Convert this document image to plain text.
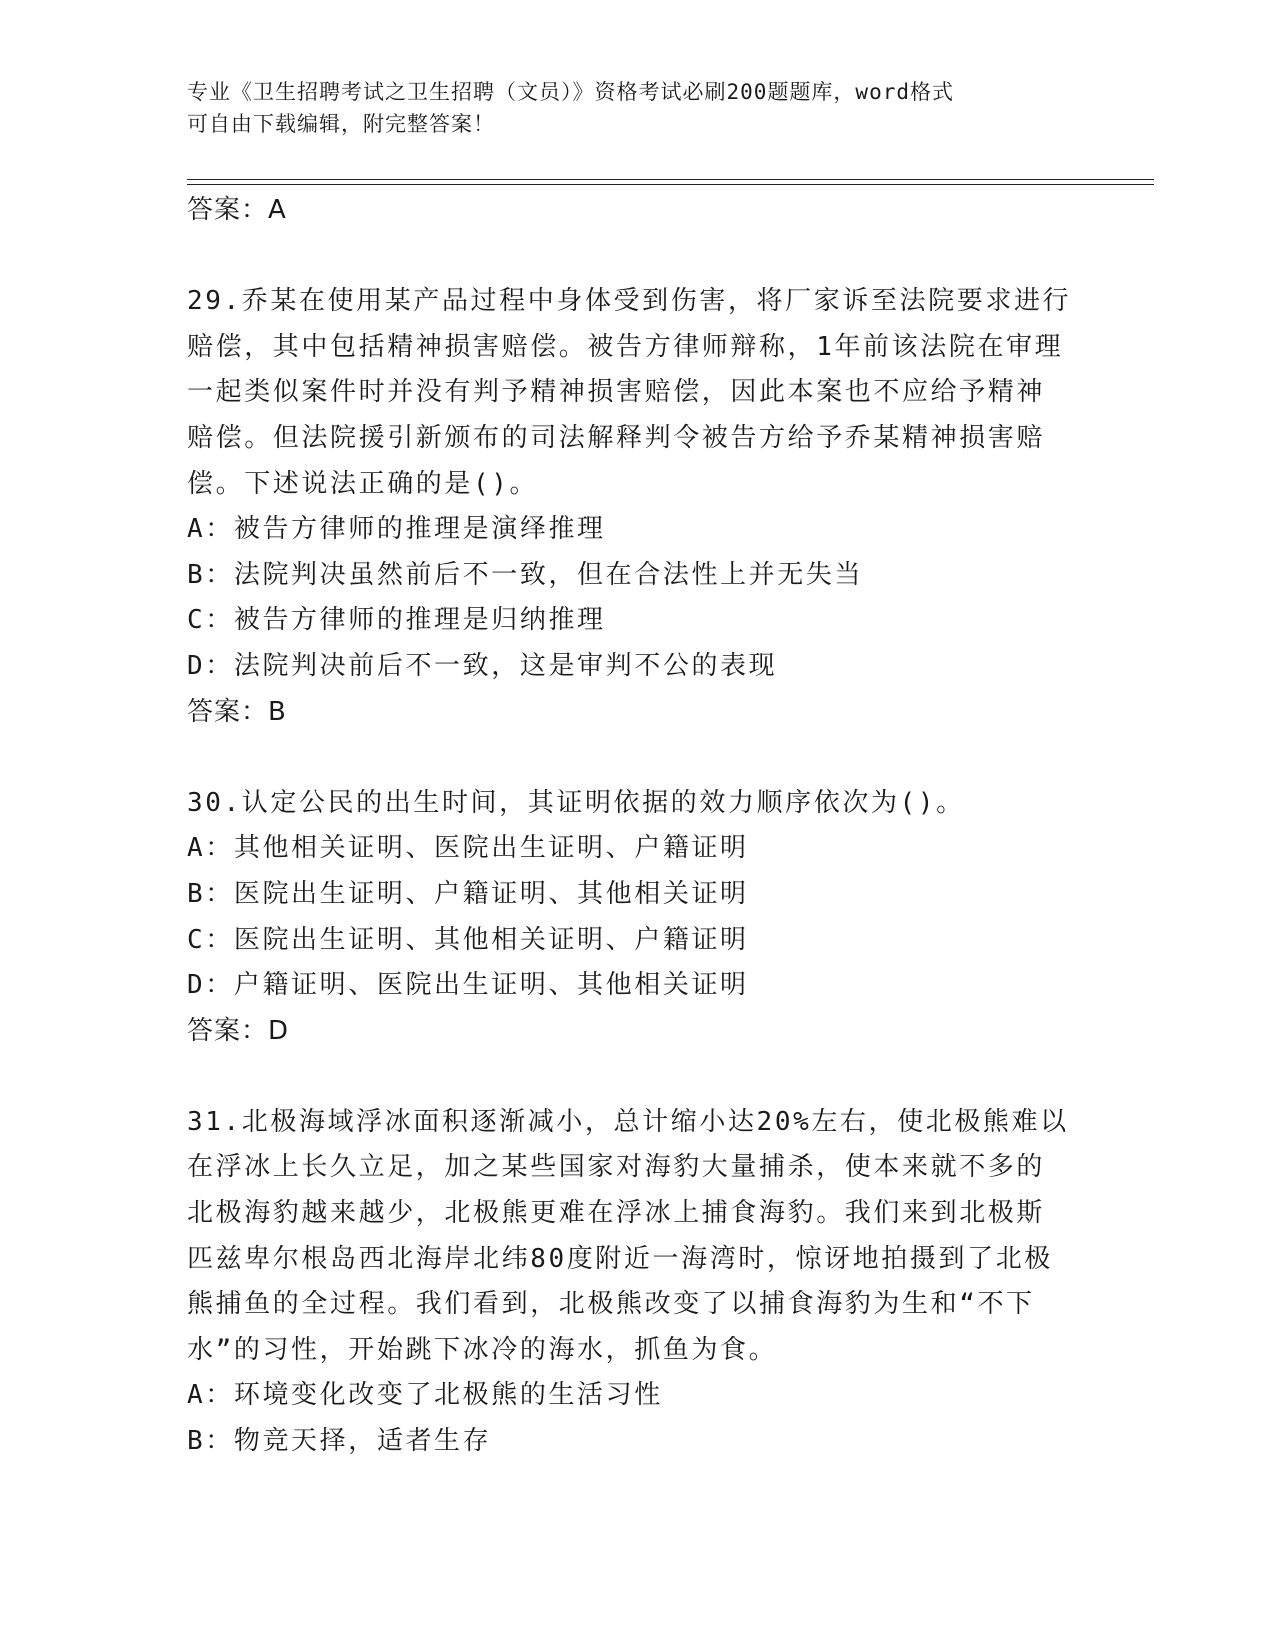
专业《卫生招聘考试之卫生招聘（文员）》资格考试必刷200题题库，word格式
可自由下载编辑，附完整答案！

答案：A

29.乔某在使用某产品过程中身体受到伤害，将厂家诉至法院要求进行

赔偿，其中包括精神损害赔偿。被告方律师辩称，1年前该法院在审理

一起类似案件时并没有判予精神损害赔偿，因此本案也不应给予精神

赔偿。但法院援引新颁布的司法解释判令被告方给予乔某精神损害赔

偿。下述说法正确的是()。

A：被告方律师的推理是演绎推理

B：法院判决虽然前后不一致，但在合法性上并无失当

C：被告方律师的推理是归纳推理

D：法院判决前后不一致，这是审判不公的表现

答案：B

30.认定公民的出生时间，其证明依据的效力顺序依次为()。

A：其他相关证明、医院出生证明、户籍证明

B：医院出生证明、户籍证明、其他相关证明

C：医院出生证明、其他相关证明、户籍证明

D：户籍证明、医院出生证明、其他相关证明

答案：D

31.北极海域浮冰面积逐渐减小，总计缩小达20%左右，使北极熊难以

在浮冰上长久立足，加之某些国家对海豹大量捕杀，使本来就不多的

北极海豹越来越少，北极熊更难在浮冰上捕食海豹。我们来到北极斯

匹兹卑尔根岛西北海岸北纬80度附近一海湾时，惊讶地拍摄到了北极

熊捕鱼的全过程。我们看到，北极熊改变了以捕食海豹为生和“不下

水”的习性，开始跳下冰冷的海水，抓鱼为食。

A：环境变化改变了北极熊的生活习性

B：物竞天择，适者生存
